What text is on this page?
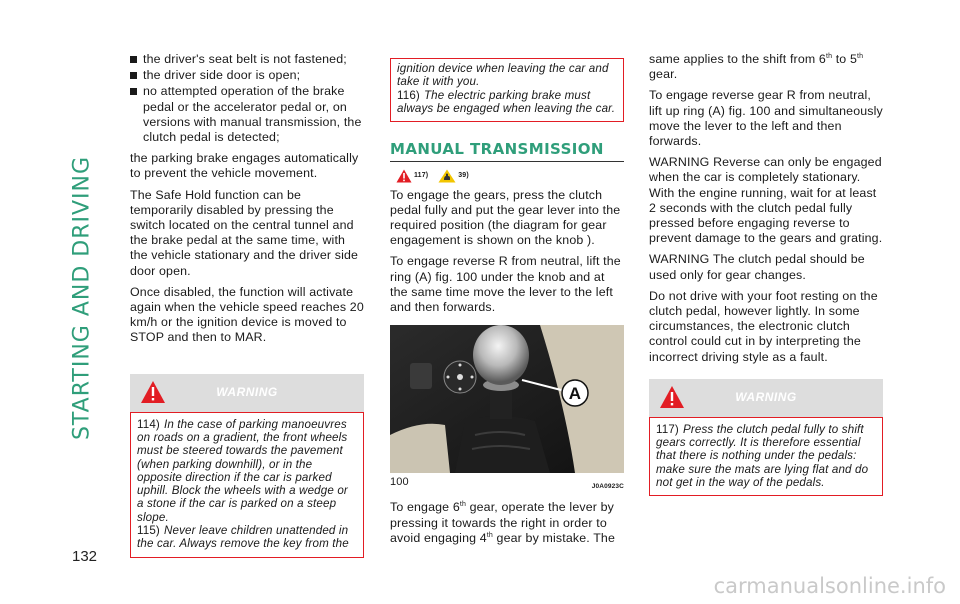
STARTING AND DRIVING
132
carmanualsonline.info
the driver's seat belt is not fastened;
the driver side door is open;
no attempted operation of the brake pedal or the accelerator pedal or, on versions with manual transmission, the clutch pedal is detected;

the parking brake engages automatically to prevent the vehicle movement.

The Safe Hold function can be temporarily disabled by pressing the switch located on the central tunnel and the brake pedal at the same time, with the vehicle stationary and the driver side door open.

Once disabled, the function will activate again when the vehicle speed reaches 20 km/h or the ignition device is moved to STOP and then to MAR.

WARNING
114) In the case of parking manoeuvres on roads on a gradient, the front wheels must be steered towards the pavement (when parking downhill), or in the opposite direction if the car is parked uphill. Block the wheels with a wedge or a stone if the car is parked on a steep slope.
115) Never leave children unattended in the car. Always remove the key from the
ignition device when leaving the car and take it with you.
116) The electric parking brake must always be engaged when leaving the car.
MANUAL TRANSMISSION
117)	39)

To engage the gears, press the clutch pedal fully and put the gear lever into the required position (the diagram for gear engagement is shown on the knob ).

To engage reverse R from neutral, lift the ring (A) fig. 100 under the knob and at the same time move the lever to the left and then forwards.

A
100	J0A0923C

To engage 6th gear, operate the lever by pressing it towards the right in order to avoid engaging 4th gear by mistake. The

same applies to the shift from 6th to 5th gear.

To engage reverse gear R from neutral, lift up ring (A) fig. 100 and simultaneously move the lever to the left and then forwards.

WARNING Reverse can only be engaged when the car is completely stationary. With the engine running, wait for at least 2 seconds with the clutch pedal fully pressed before engaging reverse to prevent damage to the gears and grating.

WARNING The clutch pedal should be used only for gear changes.

Do not drive with your foot resting on the clutch pedal, however lightly. In some circumstances, the electronic clutch control could cut in by interpreting the incorrect driving style as a fault.

WARNING
117) Press the clutch pedal fully to shift gears correctly. It is therefore essential that there is nothing under the pedals: make sure the mats are lying flat and do not get in the way of the pedals.
